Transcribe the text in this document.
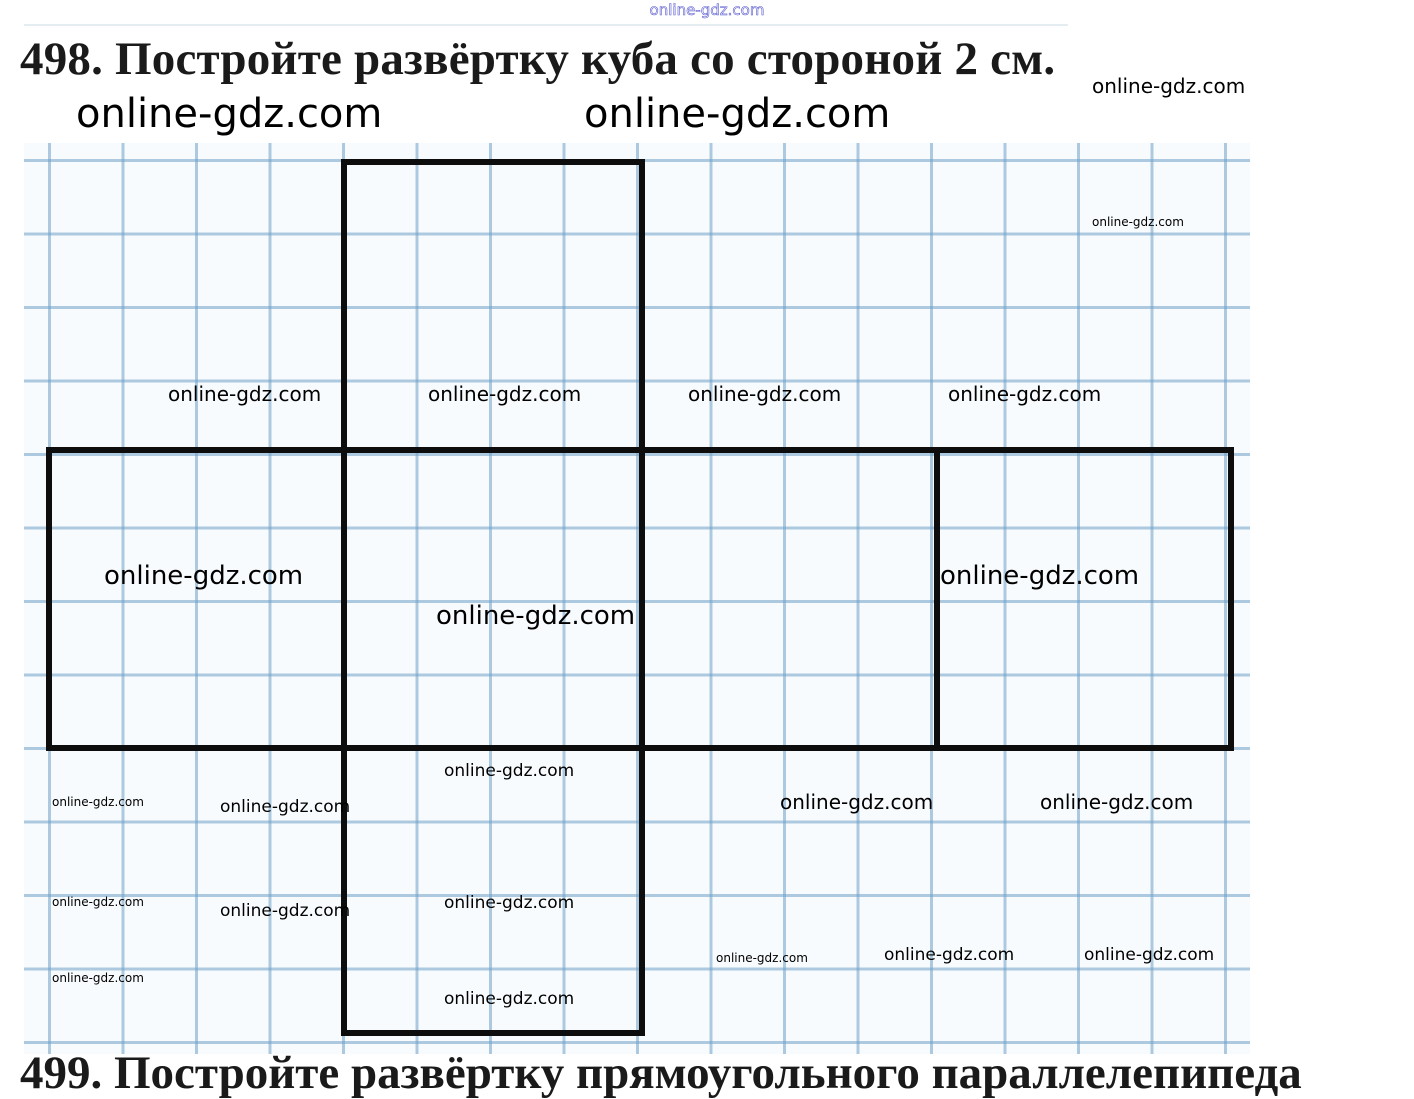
online-gdz.com
498. Постройте развёртку куба со стороной 2 см.
online-gdz.com	online-gdz.com
online-gdz.com
online-gdz.com
online-gdz.com	online-gdz.com	online-gdz.com	online-gdz.com
online-gdz.com
online-gdz.com
online-gdz.com
online-gdz.com	online-gdz.com
online-gdz.com
online-gdz.com
online-gdz.com
online-gdz.com
online-gdz.com	online-gdz.com
online-gdz.com
online-gdz.com
online-gdz.com
online-gdz.com
online-gdz.com
499. Постройте развёртку прямоугольного параллелепипеда
